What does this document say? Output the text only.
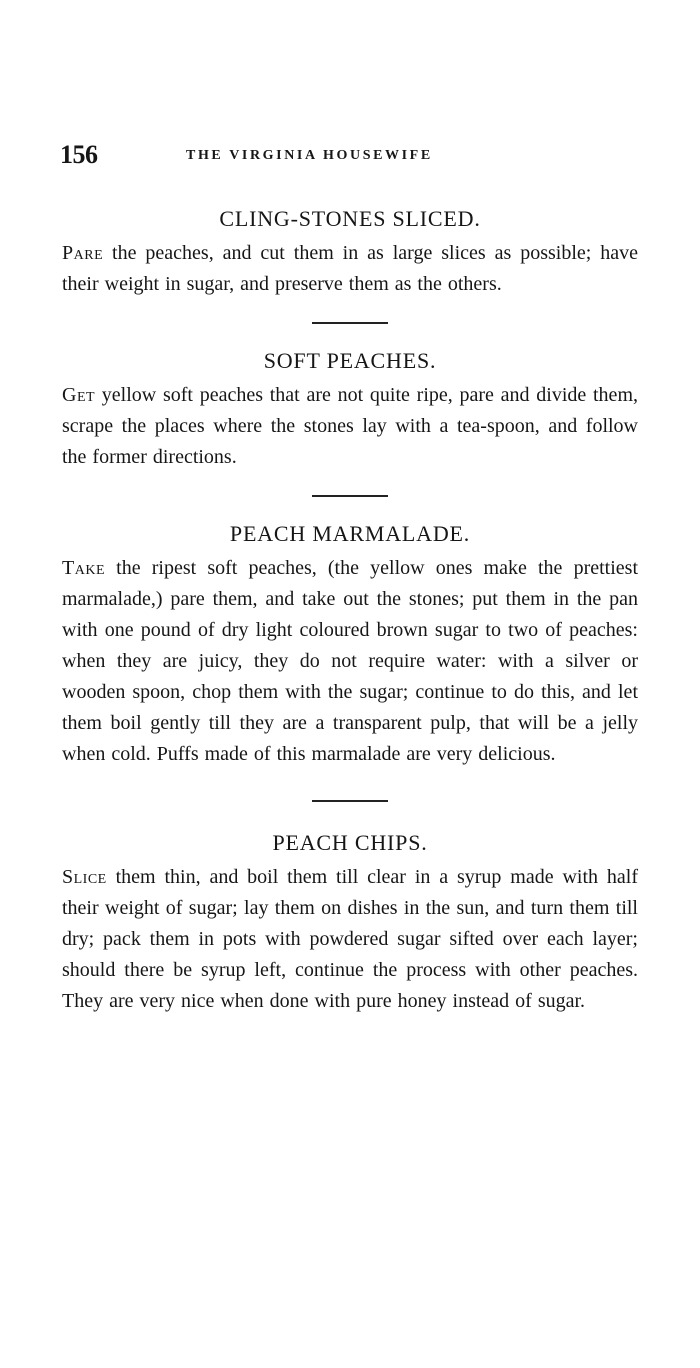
156	THE VIRGINIA HOUSEWIFE
CLING-STONES SLICED.

Pare the peaches, and cut them in as large slices as possible; have their weight in sugar, and preserve them as the others.

SOFT PEACHES.

Get yellow soft peaches that are not quite ripe, pare and divide them, scrape the places where the stones lay with a tea-spoon, and follow the former directions.

PEACH MARMALADE.

Take the ripest soft peaches, (the yellow ones make the prettiest marmalade,) pare them, and take out the stones; put them in the pan with one pound of dry light coloured brown sugar to two of peaches: when they are juicy, they do not require water: with a silver or wooden spoon, chop them with the sugar; continue to do this, and let them boil gently till they are a transparent pulp, that will be a jelly when cold. Puffs made of this marmalade are very delicious.

PEACH CHIPS.

Slice them thin, and boil them till clear in a syrup made with half their weight of sugar; lay them on dishes in the sun, and turn them till dry; pack them in pots with powdered sugar sifted over each layer; should there be syrup left, continue the process with other peaches. They are very nice when done with pure honey instead of sugar.
